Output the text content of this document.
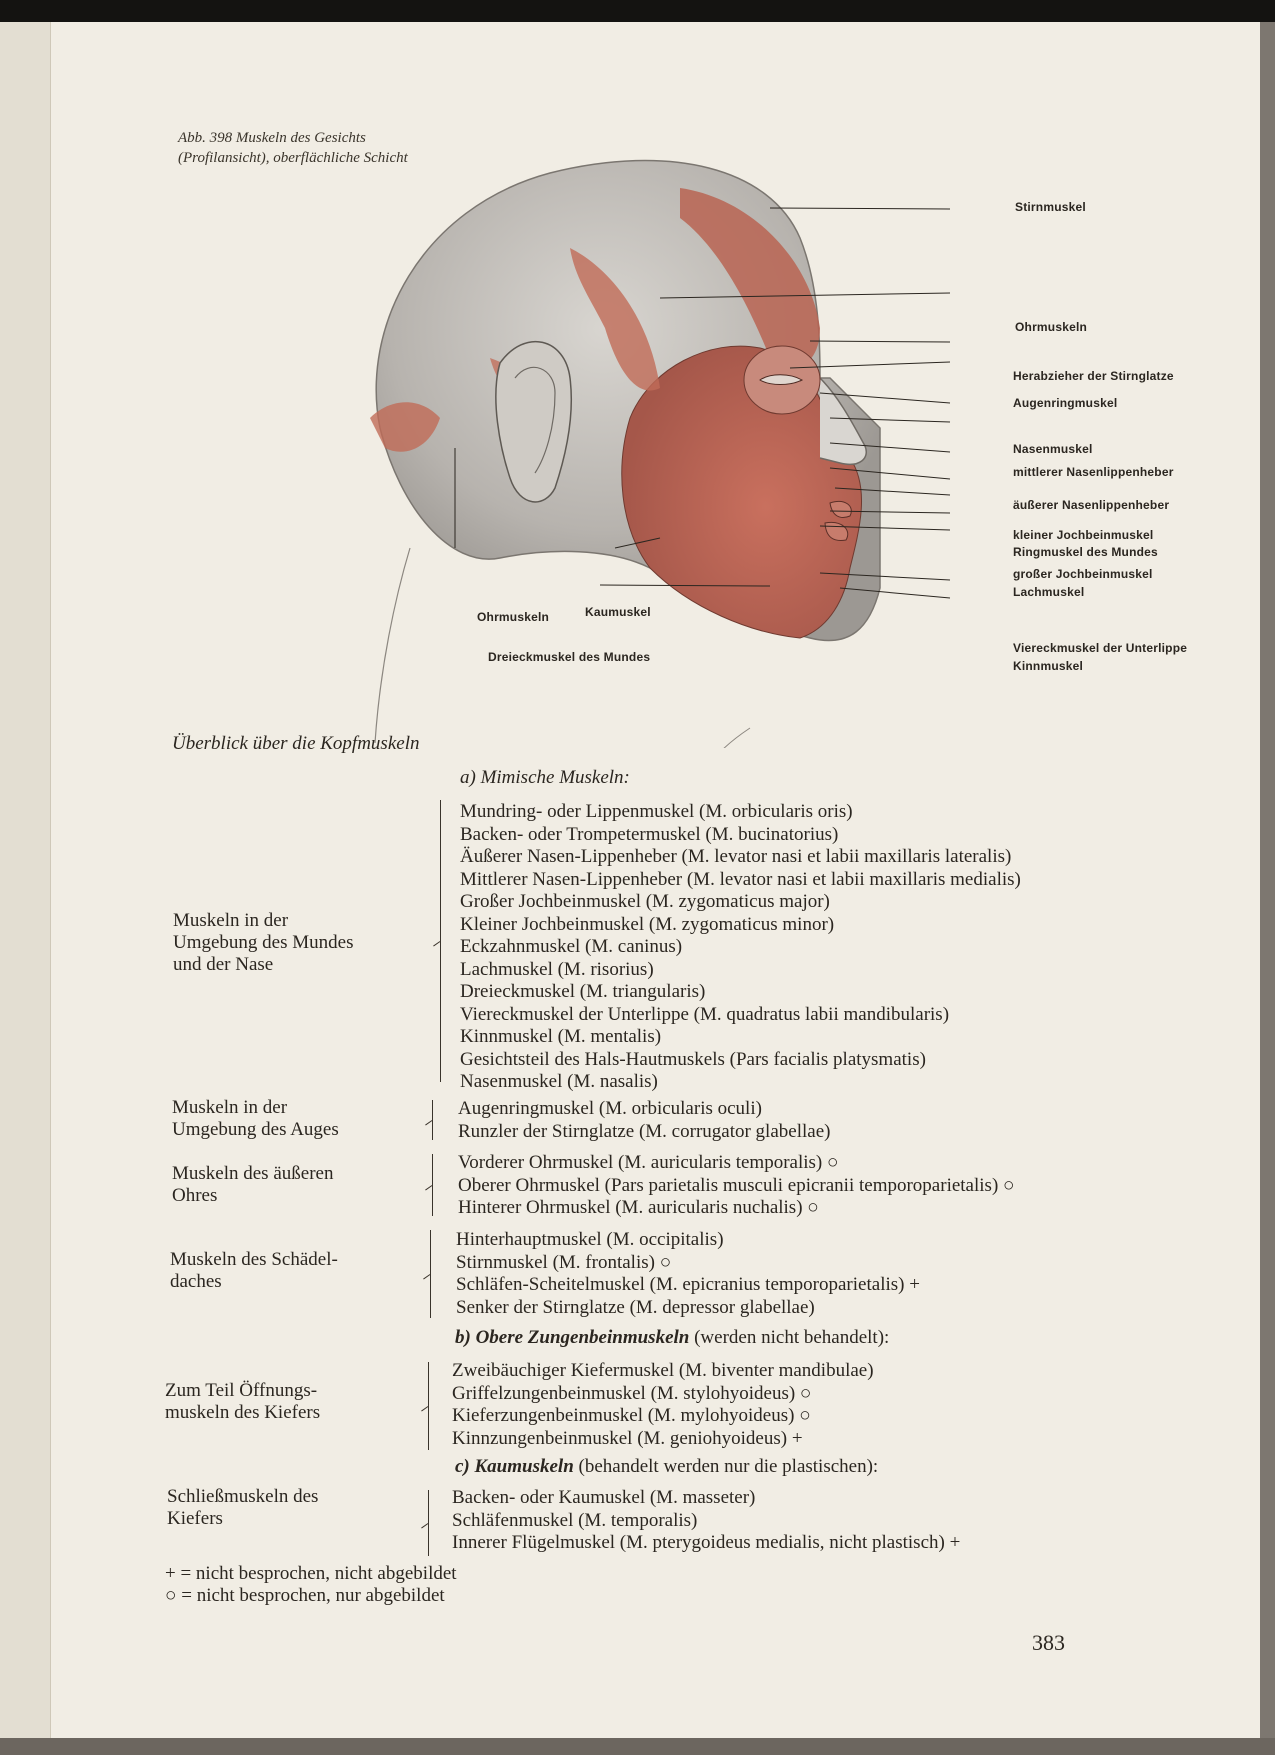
Abb. 398 Muskeln des Gesichts
(Profilansicht), oberflächliche Schicht
Stirnmuskel
Ohrmuskeln
Herabzieher der Stirnglatze
Augenringmuskel
Nasenmuskel
mittlerer Nasenlippenheber
äußerer Nasenlippenheber
kleiner Jochbeinmuskel
Ringmuskel des Mundes
großer Jochbeinmuskel
Lachmuskel
Viereckmuskel der Unterlippe
Kinnmuskel
Ohrmuskeln	Kaumuskel
Dreieckmuskel des Mundes
Überblick über die Kopfmuskeln
a) Mimische Muskeln:
Muskeln in der
Umgebung des Mundes
und der Nase
Mundring- oder Lippenmuskel (M. orbicularis oris)
Backen- oder Trompetermuskel (M. bucinatorius)
Äußerer Nasen-Lippenheber (M. levator nasi et labii maxillaris lateralis)
Mittlerer Nasen-Lippenheber (M. levator nasi et labii maxillaris medialis)
Großer Jochbeinmuskel (M. zygomaticus major)
Kleiner Jochbeinmuskel (M. zygomaticus minor)
Eckzahnmuskel (M. caninus)
Lachmuskel (M. risorius)
Dreieckmuskel (M. triangularis)
Viereckmuskel der Unterlippe (M. quadratus labii mandibularis)
Kinnmuskel (M. mentalis)
Gesichtsteil des Hals-Hautmuskels (Pars facialis platysmatis)
Nasenmuskel (M. nasalis)
Muskeln in der
Umgebung des Auges
Augenringmuskel (M. orbicularis oculi)
Runzler der Stirnglatze (M. corrugator glabellae)
Muskeln des äußeren
Ohres
Vorderer Ohrmuskel (M. auricularis temporalis) ○
Oberer Ohrmuskel (Pars parietalis musculi epicranii temporoparietalis) ○
Hinterer Ohrmuskel (M. auricularis nuchalis) ○
Muskeln des Schädel-
daches
Hinterhauptmuskel (M. occipitalis)
Stirnmuskel (M. frontalis) ○
Schläfen-Scheitelmuskel (M. epicranius temporoparietalis) +
Senker der Stirnglatze (M. depressor glabellae)
b) Obere Zungenbeinmuskeln (werden nicht behandelt):
Zum Teil Öffnungs-
muskeln des Kiefers
Zweibäuchiger Kiefermuskel (M. biventer mandibulae)
Griffelzungenbeinmuskel (M. stylohyoideus) ○
Kieferzungenbeinmuskel (M. mylohyoideus) ○
Kinnzungenbeinmuskel (M. geniohyoideus) +
c) Kaumuskeln (behandelt werden nur die plastischen):
Schließmuskeln des
Kiefers
Backen- oder Kaumuskel (M. masseter)
Schläfenmuskel (M. temporalis)
Innerer Flügelmuskel (M. pterygoideus medialis, nicht plastisch) +
+ = nicht besprochen, nicht abgebildet
○ = nicht besprochen, nur abgebildet
383
